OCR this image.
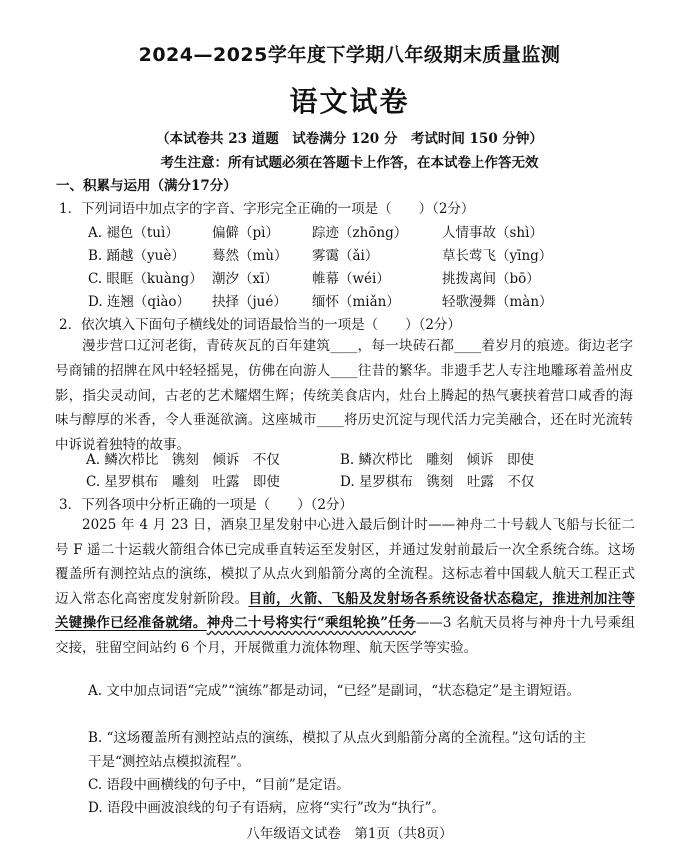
2024—2025学年度下学期八年级期末质量监测
语文试卷
（本试卷共 23 道题　试卷满分 120 分　考试时间 150 分钟）
考生注意：所有试题必须在答题卡上作答，在本试卷上作答无效
一、积累与运用（满分17分）
1．下列词语中加点字的字音、字形完全正确的一项是（　　）（2分）
A. 褪色（tuì） 偏僻（pì） 踪迹（zhōng）	人情事故（shì）
B. 踊越（yuè） 蓦然（mù） 雾霭（ǎi）	草长莺飞（yīng）
C. 眼眶（kuàng） 潮汐（xī）	帷幕（wéi）	挑拨离间（bō）
D. 连翘（qiào） 抉择（jué） 缅怀（miǎn）	轻歌漫舞（màn）
2．依次填入下面句子横线处的词语最恰当的一项是（　　）（2分）
漫步营口辽河老街，青砖灰瓦的百年建筑____，每一块砖石都____着岁月的痕迹。街边老字号商铺的招牌在风中轻轻摇晃，仿佛在向游人____往昔的繁华。非遗手艺人专注地雕琢着盖州皮影，指尖灵动间，古老的艺术耀熠生辉；传统美食店内，灶台上腾起的热气裹挟着营口咸香的海味与醇厚的米香，令人垂涎欲滴。这座城市____将历史沉淀与现代活力完美融合，还在时光流转中诉说着独特的故事。
A. 鳞次栉比　镌刻　倾诉　不仅	B. 鳞次栉比　雕刻　倾诉　即使
C. 星罗棋布　雕刻　吐露　即使	D. 星罗棋布　镌刻　吐露　不仅
3．下列各项中分析正确的一项是（　　）（2分）
2025 年 4 月 23 日，酒泉卫星发射中心进入最后倒计时——神舟二十号载人飞船与长征二号 F 遥二十运载火箭组合体已完成垂直转运至发射区，并通过发射前最后一次全系统合练。这场覆盖所有测控站点的演练，模拟了从点火到船箭分离的全流程。这标志着中国载人航天工程正式迈入常态化高密度发射新阶段。目前，火箭、飞船及发射场各系统设备状态稳定，推进剂加注等关键操作已经准备就绪。神舟二十号将实行“乘组轮换”任务——3 名航天员将与神舟十九号乘组交接，驻留空间站约 6 个月，开展微重力流体物理、航天医学等实验。
A. 文中加点词语“完成”“演练”都是动词，“已经”是副词，“状态稳定”是主谓短语。
B. “这场覆盖所有测控站点的演练，模拟了从点火到船箭分离的全流程。”这句话的主干是“测控站点模拟流程”。
C. 语段中画横线的句子中，“目前”是定语。
D. 语段中画波浪线的句子有语病，应将“实行”改为“执行”。
八年级语文试卷　第1页（共8页）
